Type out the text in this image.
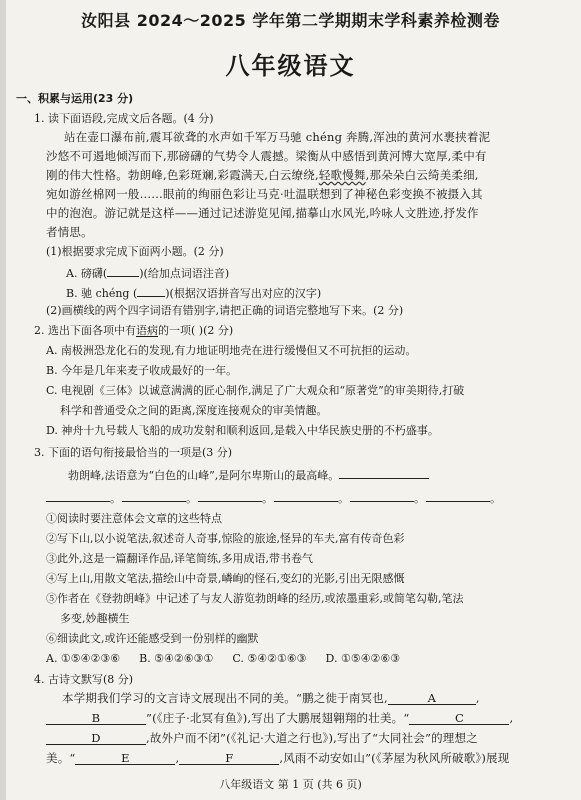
汝阳县 2024～2025 学年第二学期期末学科素养检测卷
八年级语文
一、积累与运用(23 分)
1. 读下面语段,完成文后各题。(4 分)
站在壶口瀑布前,震耳欲聋的水声如千军万马驰 chéng 奔腾,浑浊的黄河水裹挟着泥
沙悠不可遏地倾泻而下,那磅礴的气势令人震撼。梁衡从中感悟到黄河博大宽厚,柔中有
刚的伟大性格。勃朗峰,色彩斑斓,彩霞满天,白云缭绕,轻歌慢舞,那朵朵白云绮美柔细,
宛如游丝棉网一般……眼前的绚丽色彩让马克·吐温联想到了神秘色彩变换不被摄入其
中的泡泡。游记就是这样——通过记述游览见闻,描摹山水风光,吟咏人文胜迹,抒发作
者情思。
(1)根据要求完成下面两小题。(2 分)
A. 磅礴(	)(给加点词语注音)
B. 驰 chéng (	)(根据汉语拼音写出对应的汉字)
(2)画横线的两个四字词语有错别字,请把正确的词语完整地写下来。(2 分)
2. 选出下面各项中有语病的一项( )(2 分)
A. 南极洲恐龙化石的发现,有力地证明地壳在进行缓慢但又不可抗拒的运动。
B. 今年是几年来麦子收成最好的一年。
C. 电视剧《三体》以诚意满满的匠心制作,满足了广大观众和“原著党”的审美期待,打破
科学和普通受众之间的距离,深度连接观众的审美情趣。
D. 神舟十九号载人飞船的成功发射和顺利返回,是载入中华民族史册的不朽盛事。
3. 下面的语句衔接最恰当的一项是(3 分)
勃朗峰,法语意为“白色的山峰”,是阿尔卑斯山的最高峰。
。	。	。	。	。	。
①阅读时要注意体会文章的这些特点
②写下山,以小说笔法,叙述奇人奇事,惊险的旅途,怪异的车夫,富有传奇色彩
③此外,这是一篇翻译作品,译笔简练,多用成语,带书卷气
④写上山,用散文笔法,描绘山中奇景,嶙峋的怪石,变幻的光影,引出无限感慨
⑤作者在《登勃朗峰》中记述了与友人游览勃朗峰的经历,或浓墨重彩,或简笔勾勒,笔法
多变,妙趣横生
⑥细读此文,或许还能感受到一份别样的幽默
A. ①⑤④②③⑥ B. ⑤④②⑥③① C. ⑤④②①⑥③ D. ①⑤④②⑥③
4. 古诗文默写(8 分)
本学期我们学习的文言诗文展现出不同的美。“鹏之徙于南冥也,	A	,
B	”(《庄子·北冥有鱼》),写出了大鹏展翅翱翔的壮美。“	C	,
D	,故外户而不闭”(《礼记·大道之行也》),写出了“大同社会”的理想之
美。“	E	,	F	,风雨不动安如山”(《茅屋为秋风所破歌》)展现
八年级语文 第 1 页 (共 6 页)
